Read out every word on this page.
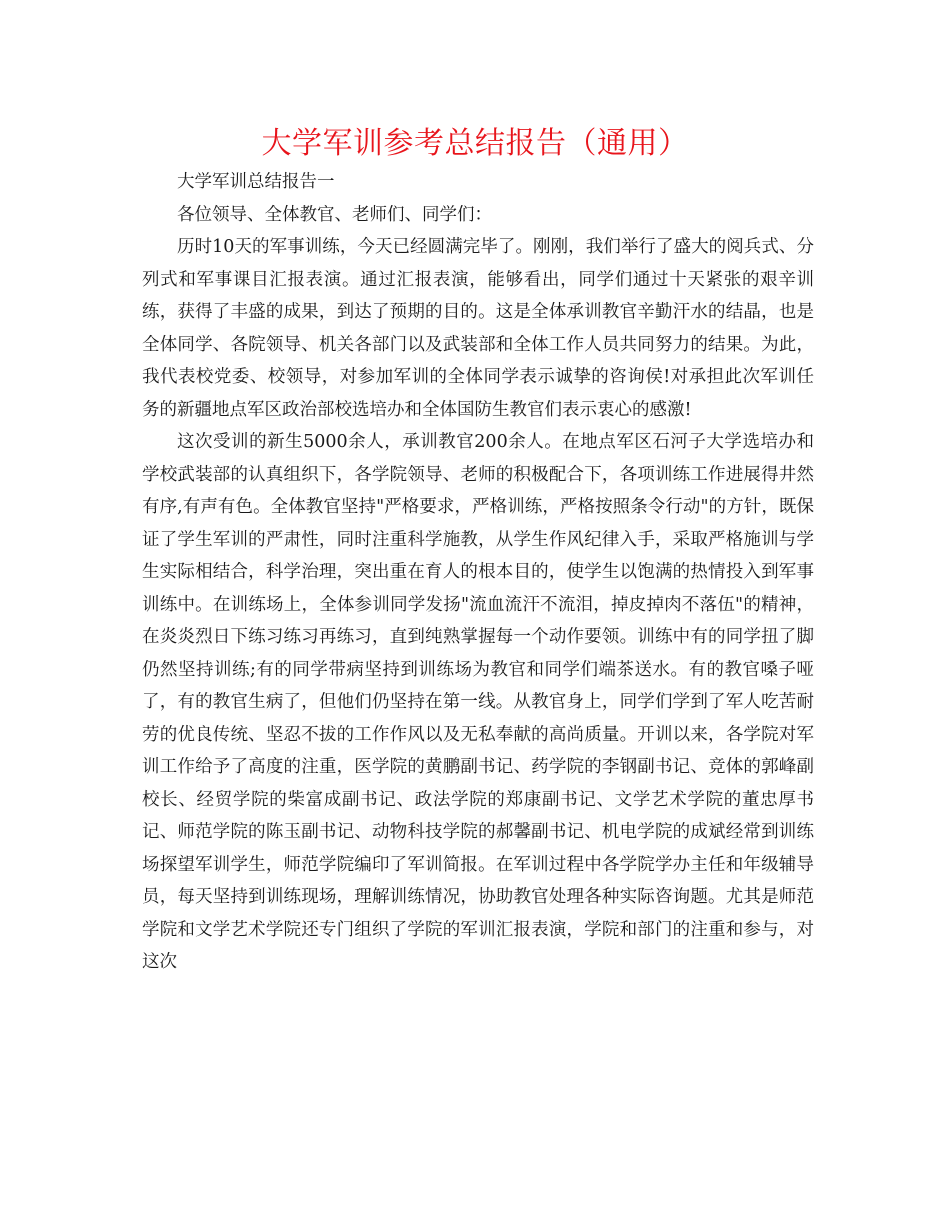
大学军训参考总结报告（通用）

大学军训总结报告一

各位领导、全体教官、老师们、同学们：

历时10天的军事训练，今天已经圆满完毕了。刚刚，我们举行了盛大的阅兵式、分列式和军事课目汇报表演。通过汇报表演，能够看出，同学们通过十天紧张的艰辛训练，获得了丰盛的成果，到达了预期的目的。这是全体承训教官辛勤汗水的结晶，也是全体同学、各院领导、机关各部门以及武装部和全体工作人员共同努力的结果。为此，我代表校党委、校领导，对参加军训的全体同学表示诚挚的咨询侯!对承担此次军训任务的新疆地点军区政治部校选培办和全体国防生教官们表示衷心的感激!

这次受训的新生5000余人，承训教官200余人。在地点军区石河子大学选培办和学校武装部的认真组织下，各学院领导、老师的积极配合下，各项训练工作进展得井然有序,有声有色。全体教官坚持"严格要求，严格训练，严格按照条令行动"的方针，既保证了学生军训的严肃性，同时注重科学施教，从学生作风纪律入手，采取严格施训与学生实际相结合，科学治理，突出重在育人的根本目的，使学生以饱满的热情投入到军事训练中。在训练场上，全体参训同学发扬"流血流汗不流泪，掉皮掉肉不落伍"的精神，在炎炎烈日下练习练习再练习，直到纯熟掌握每一个动作要领。训练中有的同学扭了脚仍然坚持训练;有的同学带病坚持到训练场为教官和同学们端茶送水。有的教官嗓子哑了，有的教官生病了，但他们仍坚持在第一线。从教官身上，同学们学到了军人吃苦耐劳的优良传统、坚忍不拔的工作作风以及无私奉献的高尚质量。开训以来，各学院对军训工作给予了高度的注重，医学院的黄鹏副书记、药学院的李钢副书记、竞体的郭峰副校长、经贸学院的柴富成副书记、政法学院的郑康副书记、文学艺术学院的董忠厚书记、师范学院的陈玉副书记、动物科技学院的郝馨副书记、机电学院的成斌经常到训练场探望军训学生，师范学院编印了军训简报。在军训过程中各学院学办主任和年级辅导员，每天坚持到训练现场，理解训练情况，协助教官处理各种实际咨询题。尤其是师范学院和文学艺术学院还专门组织了学院的军训汇报表演，学院和部门的注重和参与，对这次
